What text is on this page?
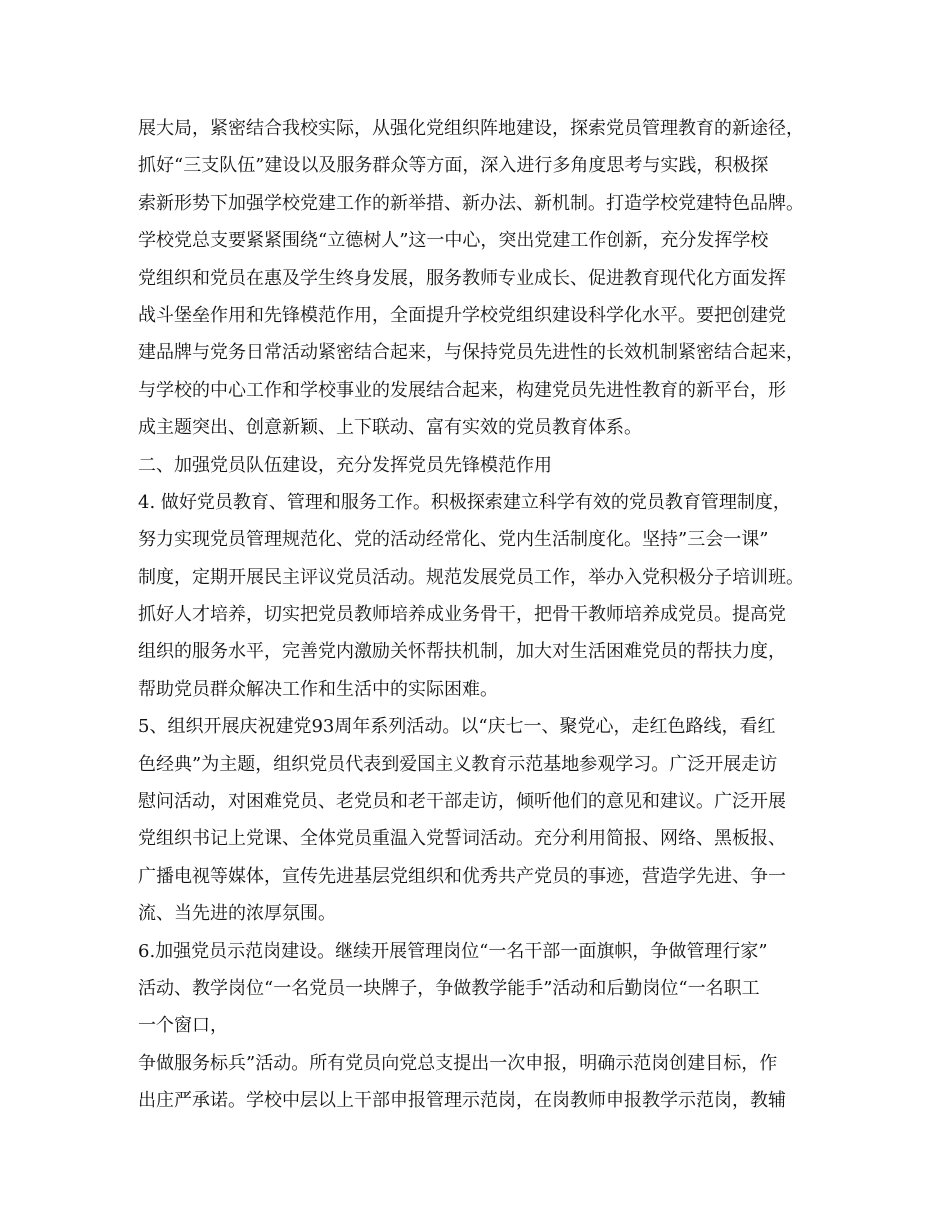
展大局，紧密结合我校实际，从强化党组织阵地建设，探索党员管理教育的新途径，
抓好“三支队伍”建设以及服务群众等方面，深入进行多角度思考与实践，积极探
索新形势下加强学校党建工作的新举措、新办法、新机制。打造学校党建特色品牌。
学校党总支要紧紧围绕“立德树人”这一中心，突出党建工作创新，充分发挥学校
党组织和党员在惠及学生终身发展，服务教师专业成长、促进教育现代化方面发挥
战斗堡垒作用和先锋模范作用，全面提升学校党组织建设科学化水平。要把创建党
建品牌与党务日常活动紧密结合起来，与保持党员先进性的长效机制紧密结合起来，
与学校的中心工作和学校事业的发展结合起来，构建党员先进性教育的新平台，形
成主题突出、创意新颖、上下联动、富有实效的党员教育体系。
二、加强党员队伍建设，充分发挥党员先锋模范作用
4. 做好党员教育、管理和服务工作。积极探索建立科学有效的党员教育管理制度，
努力实现党员管理规范化、党的活动经常化、党内生活制度化。坚持”三会一课”
制度，定期开展民主评议党员活动。规范发展党员工作，举办入党积极分子培训班。
抓好人才培养，切实把党员教师培养成业务骨干，把骨干教师培养成党员。提高党
组织的服务水平，完善党内激励关怀帮扶机制，加大对生活困难党员的帮扶力度，
帮助党员群众解决工作和生活中的实际困难。
5、组织开展庆祝建党93周年系列活动。以“庆七一、聚党心，走红色路线，看红
色经典”为主题，组织党员代表到爱国主义教育示范基地参观学习。广泛开展走访
慰问活动，对困难党员、老党员和老干部走访，倾听他们的意见和建议。广泛开展
党组织书记上党课、全体党员重温入党誓词活动。充分利用简报、网络、黑板报、
广播电视等媒体，宣传先进基层党组织和优秀共产党员的事迹，营造学先进、争一
流、当先进的浓厚氛围。
6.加强党员示范岗建设。继续开展管理岗位“一名干部一面旗帜，争做管理行家”
活动、教学岗位“一名党员一块牌子，争做教学能手”活动和后勤岗位“一名职工
一个窗口，
争做服务标兵”活动。所有党员向党总支提出一次申报，明确示范岗创建目标，作
出庄严承诺。学校中层以上干部申报管理示范岗，在岗教师申报教学示范岗，教辅
